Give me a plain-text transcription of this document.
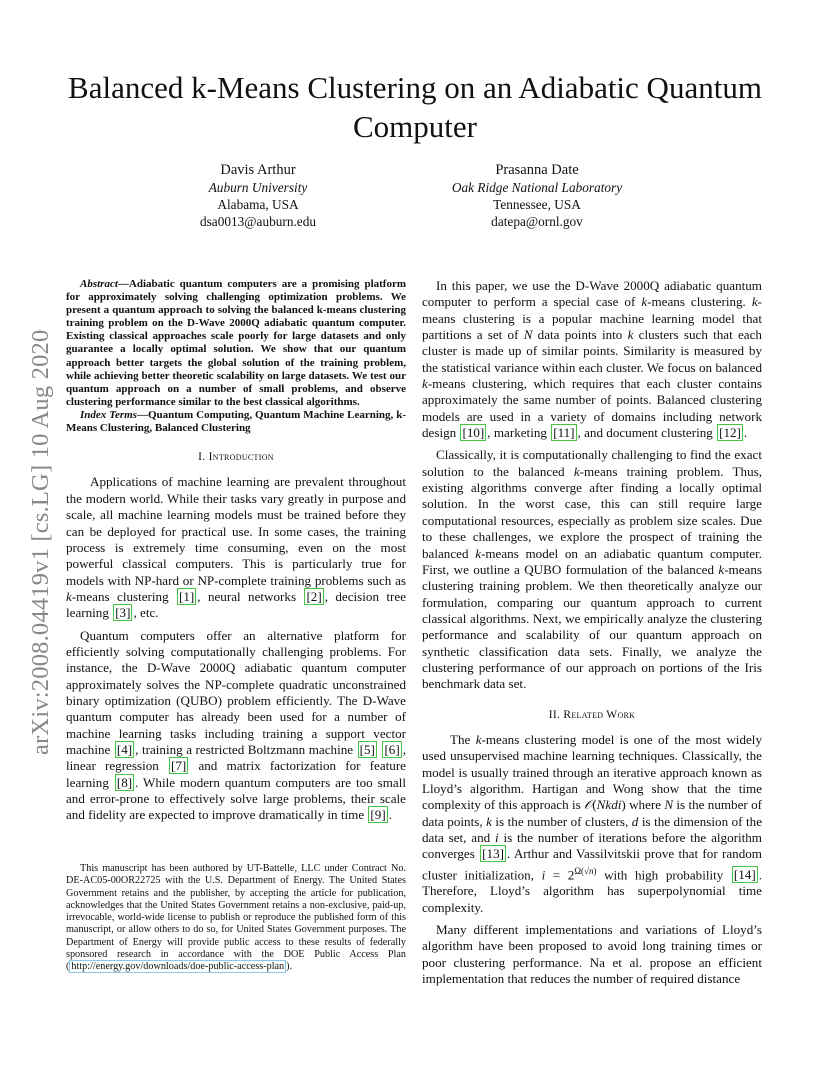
Balanced k-Means Clustering on an Adiabatic Quantum Computer
Davis Arthur
Auburn University
Alabama, USA
dsa0013@auburn.edu
Prasanna Date
Oak Ridge National Laboratory
Tennessee, USA
datepa@ornl.gov
arXiv:2008.04419v1 [cs.LG] 10 Aug 2020

Abstract—Adiabatic quantum computers are a promising platform for approximately solving challenging optimization problems. We present a quantum approach to solving the balanced k-means clustering training problem on the D-Wave 2000Q adiabatic quantum computer. Existing classical approaches scale poorly for large datasets and only guarantee a locally optimal solution. We show that our quantum approach better targets the global solution of the training problem, while achieving better theoretic scalability on large datasets. We test our quantum approach on a number of small problems, and observe clustering performance similar to the best classical algorithms.

Index Terms—Quantum Computing, Quantum Machine Learning, k-Means Clustering, Balanced Clustering

I. Introduction

Applications of machine learning are prevalent throughout the modern world. While their tasks vary greatly in purpose and scale, all machine learning models must be trained before they can be deployed for practical use. In some cases, the training process is extremely time consuming, even on the most powerful classical computers. This is particularly true for models with NP-hard or NP-complete training problems such as k-means clustering [1] , neural networks [2] , decision tree learning [3] , etc.

Quantum computers offer an alternative platform for efficiently solving computationally challenging problems. For instance, the D-Wave 2000Q adiabatic quantum computer approximately solves the NP-complete quadratic unconstrained binary optimization (QUBO) problem efficiently. The D-Wave quantum computer has already been used for a number of machine learning tasks including training a support vector machine [4] , training a restricted Boltzmann machine [5] [6] , linear regression [7] and matrix factorization for feature learning [8] . While modern quantum computers are too small and error-prone to effectively solve large problems, their scale and fidelity are expected to improve dramatically in time [9] .

This manuscript has been authored by UT-Battelle, LLC under Contract No. DE-AC05-00OR22725 with the U.S. Department of Energy. The United States Government retains and the publisher, by accepting the article for publication, acknowledges that the United States Government retains a non-exclusive, paid-up, irrevocable, world-wide license to publish or reproduce the published form of this manuscript, or allow others to do so, for United States Government purposes. The Department of Energy will provide public access to these results of federally sponsored research in accordance with the DOE Public Access Plan ( http://energy.gov/downloads/doe-public-access-plan ).

In this paper, we use the D-Wave 2000Q adiabatic quantum computer to perform a special case of k-means clustering. k-means clustering is a popular machine learning model that partitions a set of N data points into k clusters such that each cluster is made up of similar points. Similarity is measured by the statistical variance within each cluster. We focus on balanced k-means clustering, which requires that each cluster contains approximately the same number of points. Balanced clustering models are used in a variety of domains including network design [10] , marketing [11] , and document clustering [12] .

Classically, it is computationally challenging to find the exact solution to the balanced k-means training problem. Thus, existing algorithms converge after finding a locally optimal solution. In the worst case, this can still require large computational resources, especially as problem size scales. Due to these challenges, we explore the prospect of training the balanced k-means model on an adiabatic quantum computer. First, we outline a QUBO formulation of the balanced k-means clustering training problem. We then theoretically analyze our formulation, comparing our quantum approach to current classical algorithms. Next, we empirically analyze the clustering performance and scalability of our quantum approach on synthetic classification data sets. Finally, we analyze the clustering performance of our approach on portions of the Iris benchmark data set.

II. Related Work

The k-means clustering model is one of the most widely used unsupervised machine learning techniques. Classically, the model is usually trained through an iterative approach known as Lloyd’s algorithm. Hartigan and Wong show that the time complexity of this approach is 𝒪(Nkdi) where N is the number of data points, k is the number of clusters, d is the dimension of the data set, and i is the number of iterations before the algorithm converges [13] . Arthur and Vassilvitskii prove that for random cluster initialization, $i = 2^{\Omega(√n)}$ with high probability [14] . Therefore, Lloyd’s algorithm has superpolynomial time complexity.

Many different implementations and variations of Lloyd’s algorithm have been proposed to avoid long training times or poor clustering performance. Na et al. propose an efficient implementation that reduces the number of required distance
